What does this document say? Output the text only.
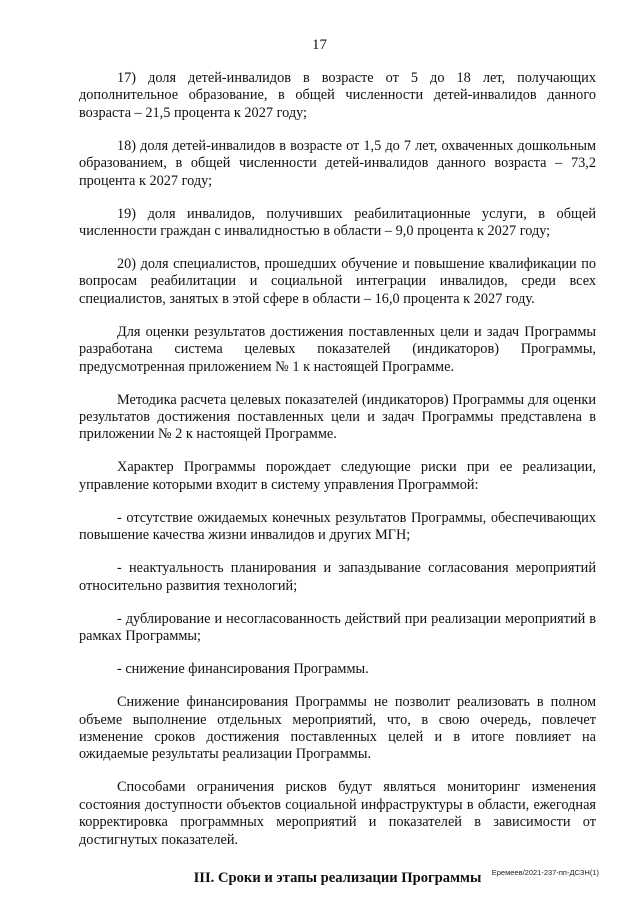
17

17) доля детей-инвалидов в возрасте от 5 до 18 лет, получающих дополнительное образование, в общей численности детей-инвалидов данного возраста – 21,5 процента к 2027 году;

18) доля детей-инвалидов в возрасте от 1,5 до 7 лет, охваченных дошкольным образованием, в общей численности детей-инвалидов данного возраста – 73,2 процента к 2027 году;

19) доля инвалидов, получивших реабилитационные услуги, в общей численности граждан с инвалидностью в области – 9,0 процента к 2027 году;

20) доля специалистов, прошедших обучение и повышение квалификации по вопросам реабилитации и социальной интеграции инвалидов, среди всех специалистов, занятых в этой сфере в области – 16,0 процента к 2027 году.

Для оценки результатов достижения поставленных цели и задач Программы разработана система целевых показателей (индикаторов) Программы, предусмотренная приложением № 1 к настоящей Программе.

Методика расчета целевых показателей (индикаторов) Программы для оценки результатов достижения поставленных цели и задач Программы представлена в приложении № 2 к настоящей Программе.

Характер Программы порождает следующие риски при ее реализации, управление которыми входит в систему управления Программой:

- отсутствие ожидаемых конечных результатов Программы, обеспечивающих повышение качества жизни инвалидов и других МГН;

- неактуальность планирования и запаздывание согласования мероприятий относительно развития технологий;

- дублирование и несогласованность действий при реализации мероприятий в рамках Программы;

- снижение финансирования Программы.

Снижение финансирования Программы не позволит реализовать в полном объеме выполнение отдельных мероприятий, что, в свою очередь, повлечет изменение сроков достижения поставленных целей и в итоге повлияет на ожидаемые результаты реализации Программы.

Способами ограничения рисков будут являться мониторинг изменения состояния доступности объектов социальной инфраструктуры в области, ежегодная корректировка программных мероприятий и показателей в зависимости от достигнутых показателей.

III. Сроки и этапы реализации Программы	Еремеев/2021-237-пп-ДСЗН(1)
